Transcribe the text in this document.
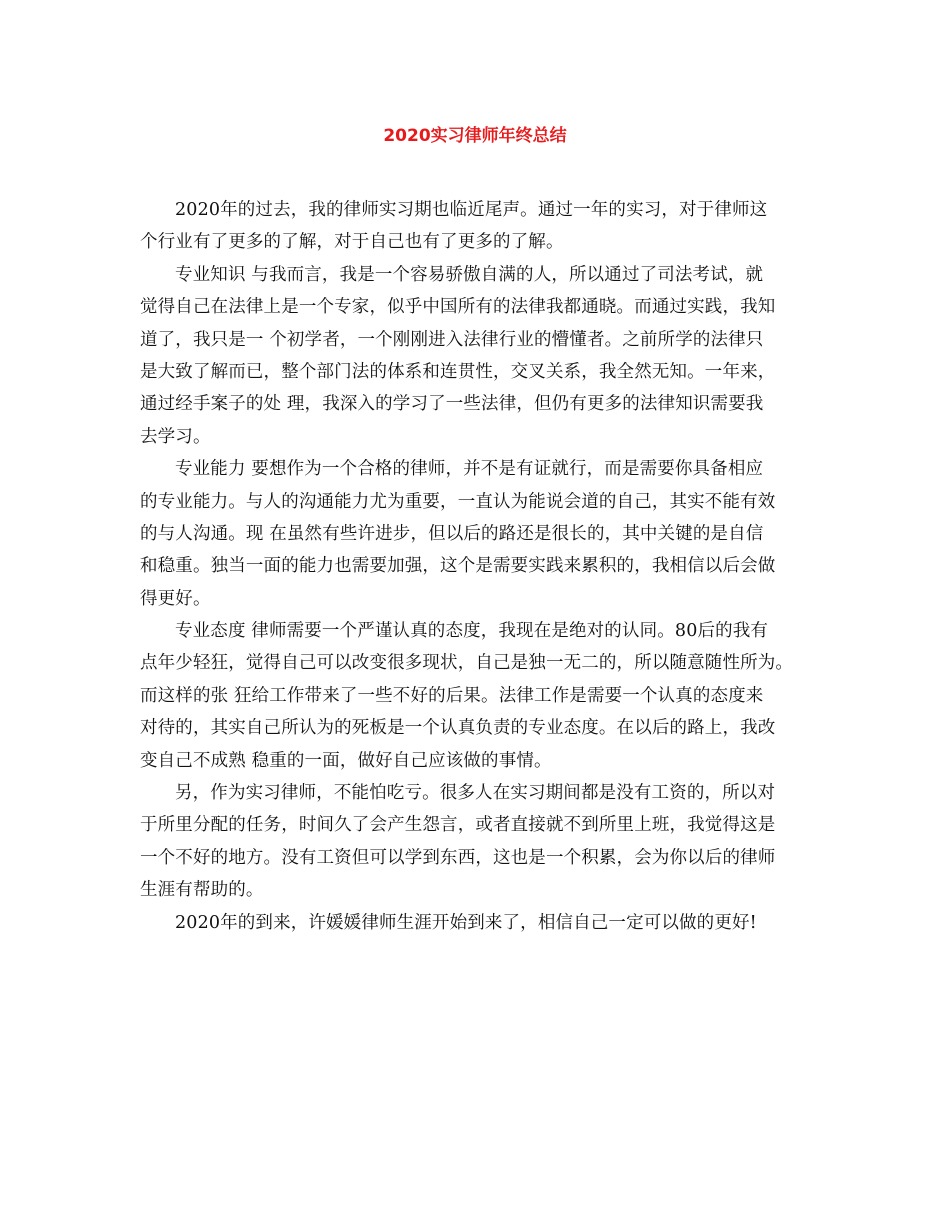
2020实习律师年终总结
2020年的过去，我的律师实习期也临近尾声。通过一年的实习，对于律师这
个行业有了更多的了解，对于自己也有了更多的了解。
专业知识 与我而言，我是一个容易骄傲自满的人，所以通过了司法考试，就
觉得自己在法律上是一个专家，似乎中国所有的法律我都通晓。而通过实践，我知
道了，我只是一 个初学者，一个刚刚进入法律行业的懵懂者。之前所学的法律只
是大致了解而已，整个部门法的体系和连贯性，交叉关系，我全然无知。一年来，
通过经手案子的处 理，我深入的学习了一些法律，但仍有更多的法律知识需要我
去学习。
专业能力 要想作为一个合格的律师，并不是有证就行，而是需要你具备相应
的专业能力。与人的沟通能力尤为重要，一直认为能说会道的自己，其实不能有效
的与人沟通。现 在虽然有些许进步，但以后的路还是很长的，其中关键的是自信
和稳重。独当一面的能力也需要加强，这个是需要实践来累积的，我相信以后会做
得更好。
专业态度 律师需要一个严谨认真的态度，我现在是绝对的认同。80后的我有
点年少轻狂，觉得自己可以改变很多现状，自己是独一无二的，所以随意随性所为。
而这样的张 狂给工作带来了一些不好的后果。法律工作是需要一个认真的态度来
对待的，其实自己所认为的死板是一个认真负责的专业态度。在以后的路上，我改
变自己不成熟 稳重的一面，做好自己应该做的事情。
另，作为实习律师，不能怕吃亏。很多人在实习期间都是没有工资的，所以对
于所里分配的任务，时间久了会产生怨言，或者直接就不到所里上班，我觉得这是
一个不好的地方。没有工资但可以学到东西，这也是一个积累，会为你以后的律师
生涯有帮助的。
2020年的到来，许媛媛律师生涯开始到来了，相信自己一定可以做的更好!
